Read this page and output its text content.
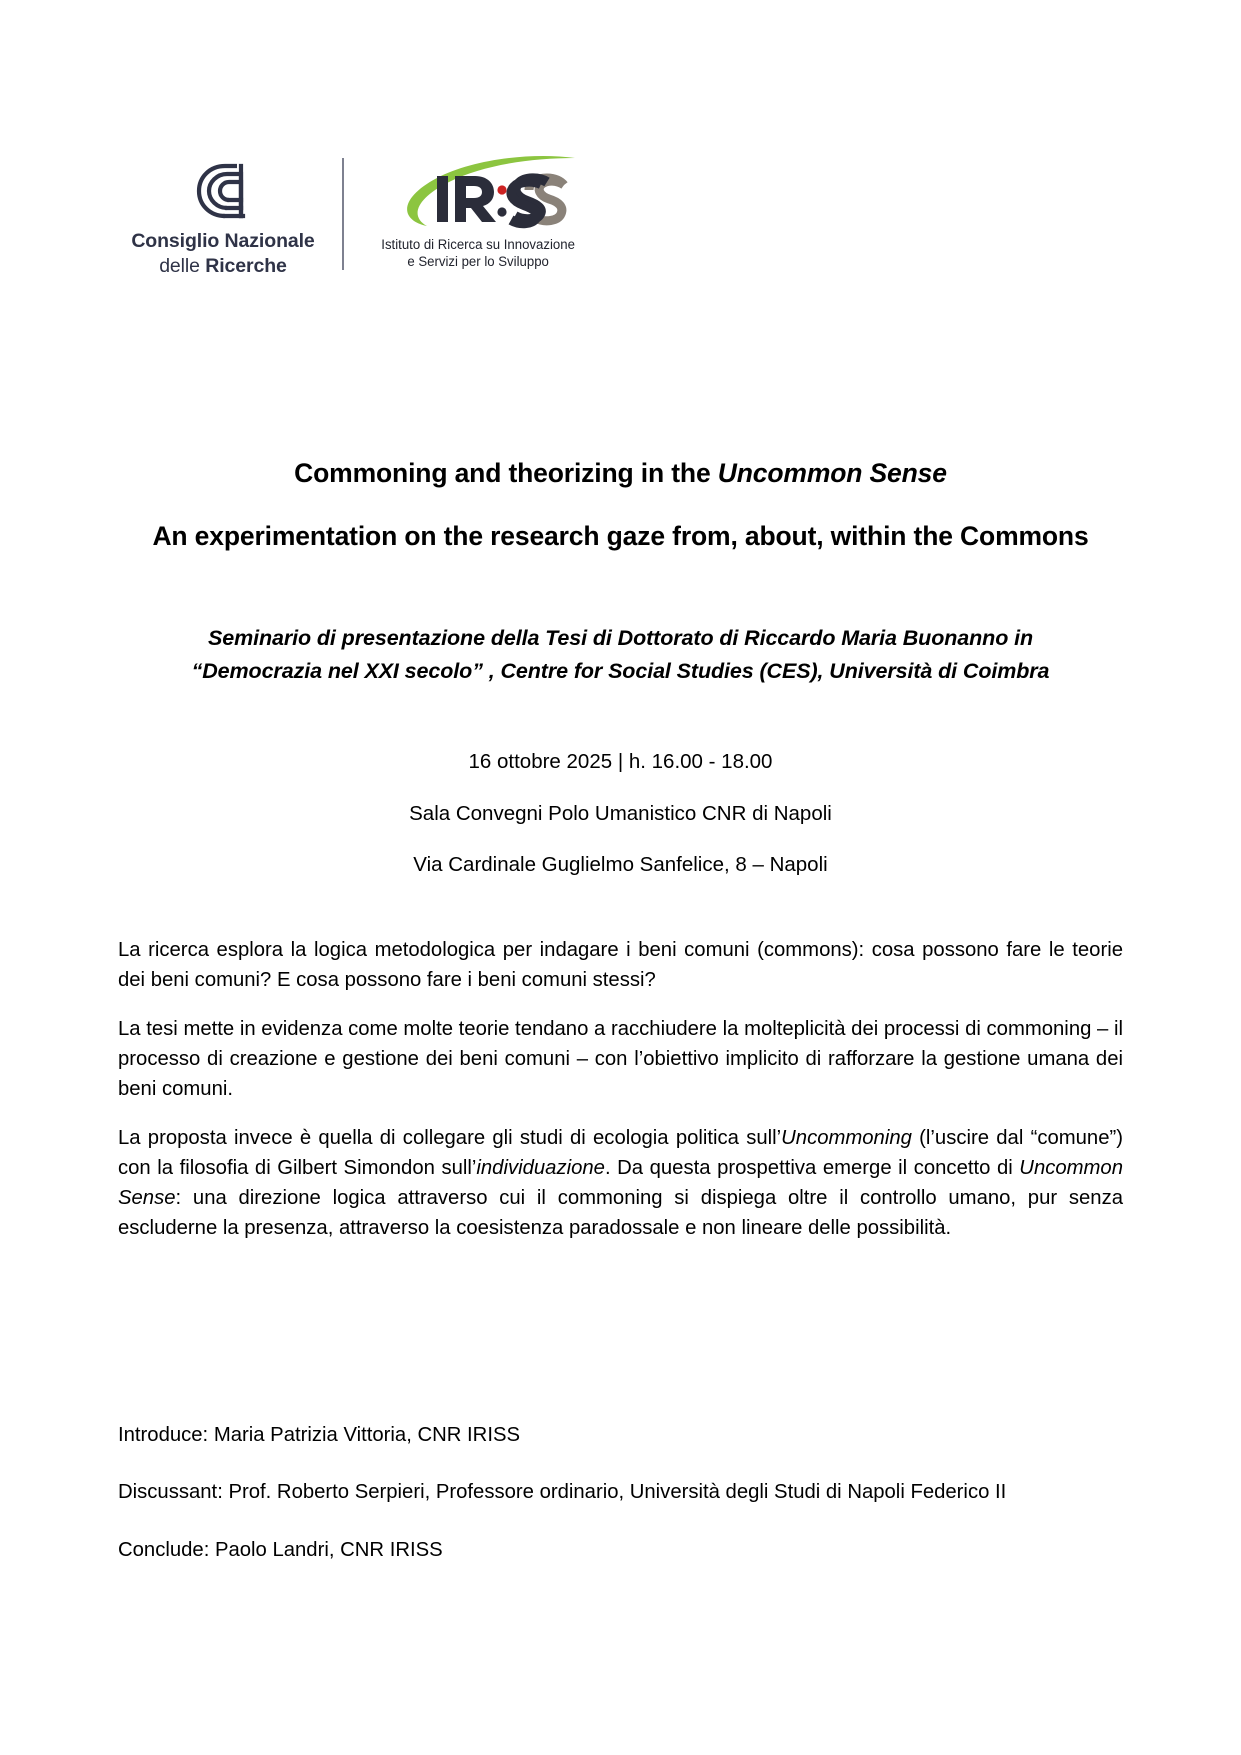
Consiglio Nazionale
delle Ricerche
Istituto di Ricerca su Innovazione
e Servizi per lo Sviluppo
Commoning and theorizing in the Uncommon Sense
An experimentation on the research gaze from, about, within the Commons
Seminario di presentazione della Tesi di Dottorato di Riccardo Maria Buonanno in
“Democrazia nel XXI secolo” , Centre for Social Studies (CES), Università di Coimbra
16 ottobre 2025 | h. 16.00 - 18.00
Sala Convegni Polo Umanistico CNR di Napoli
Via Cardinale Guglielmo Sanfelice, 8 – Napoli

La ricerca esplora la logica metodologica per indagare i beni comuni (commons): cosa possono fare le teorie dei beni comuni? E cosa possono fare i beni comuni stessi?

La tesi mette in evidenza come molte teorie tendano a racchiudere la molteplicità dei processi di commoning – il processo di creazione e gestione dei beni comuni – con l’obiettivo implicito di rafforzare la gestione umana dei beni comuni.

La proposta invece è quella di collegare gli studi di ecologia politica sull’Uncommoning (l’uscire dal “comune”) con la filosofia di Gilbert Simondon sull’individuazione. Da questa prospettiva emerge il concetto di Uncommon Sense: una direzione logica attraverso cui il commoning si dispiega oltre il controllo umano, pur senza escluderne la presenza, attraverso la coesistenza paradossale e non lineare delle possibilità.

Introduce: Maria Patrizia Vittoria, CNR IRISS
Discussant: Prof. Roberto Serpieri, Professore ordinario, Università degli Studi di Napoli Federico II
Conclude: Paolo Landri, CNR IRISS
